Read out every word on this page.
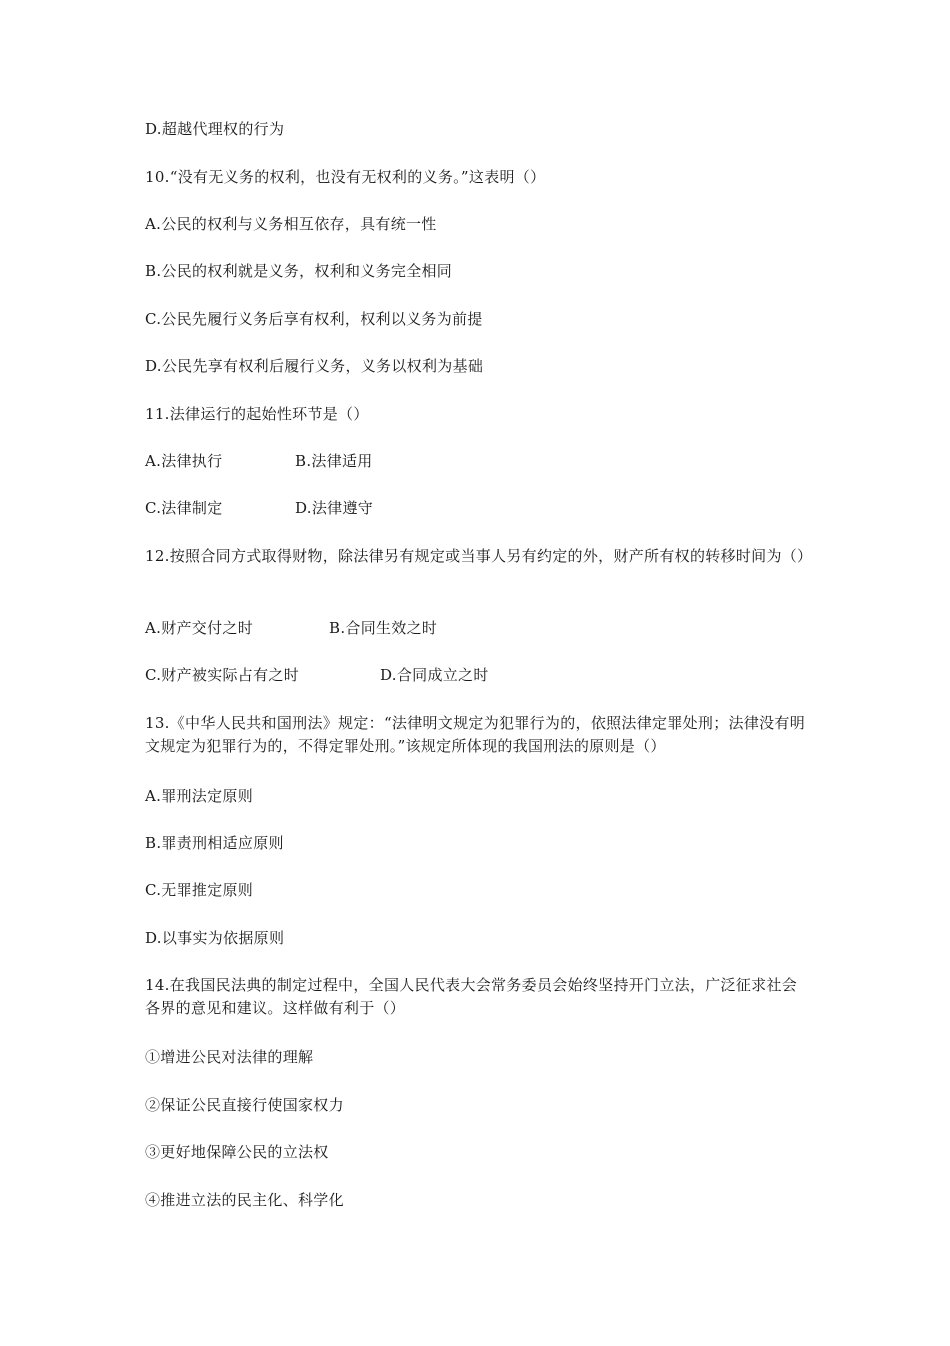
D.超越代理权的行为
10.“没有无义务的权利，也没有无权利的义务。”这表明（）
A.公民的权利与义务相互依存，具有统一性
B.公民的权利就是义务，权利和义务完全相同
C.公民先履行义务后享有权利，权利以义务为前提
D.公民先享有权利后履行义务，义务以权利为基础
11.法律运行的起始性环节是（）
A.法律执行	B.法律适用
C.法律制定	D.法律遵守
12.按照合同方式取得财物，除法律另有规定或当事人另有约定的外，财产所有权的转移时间为（）
A.财产交付之时	B.合同生效之时
C.财产被实际占有之时	D.合同成立之时
13.《中华人民共和国刑法》规定：“法律明文规定为犯罪行为的，依照法律定罪处刑；法律没有明文规定为犯罪行为的，不得定罪处刑。”该规定所体现的我国刑法的原则是（）
A.罪刑法定原则
B.罪责刑相适应原则
C.无罪推定原则
D.以事实为依据原则
14.在我国民法典的制定过程中，全国人民代表大会常务委员会始终坚持开门立法，广泛征求社会各界的意见和建议。这样做有利于（）
①增进公民对法律的理解
②保证公民直接行使国家权力
③更好地保障公民的立法权
④推进立法的民主化、科学化
